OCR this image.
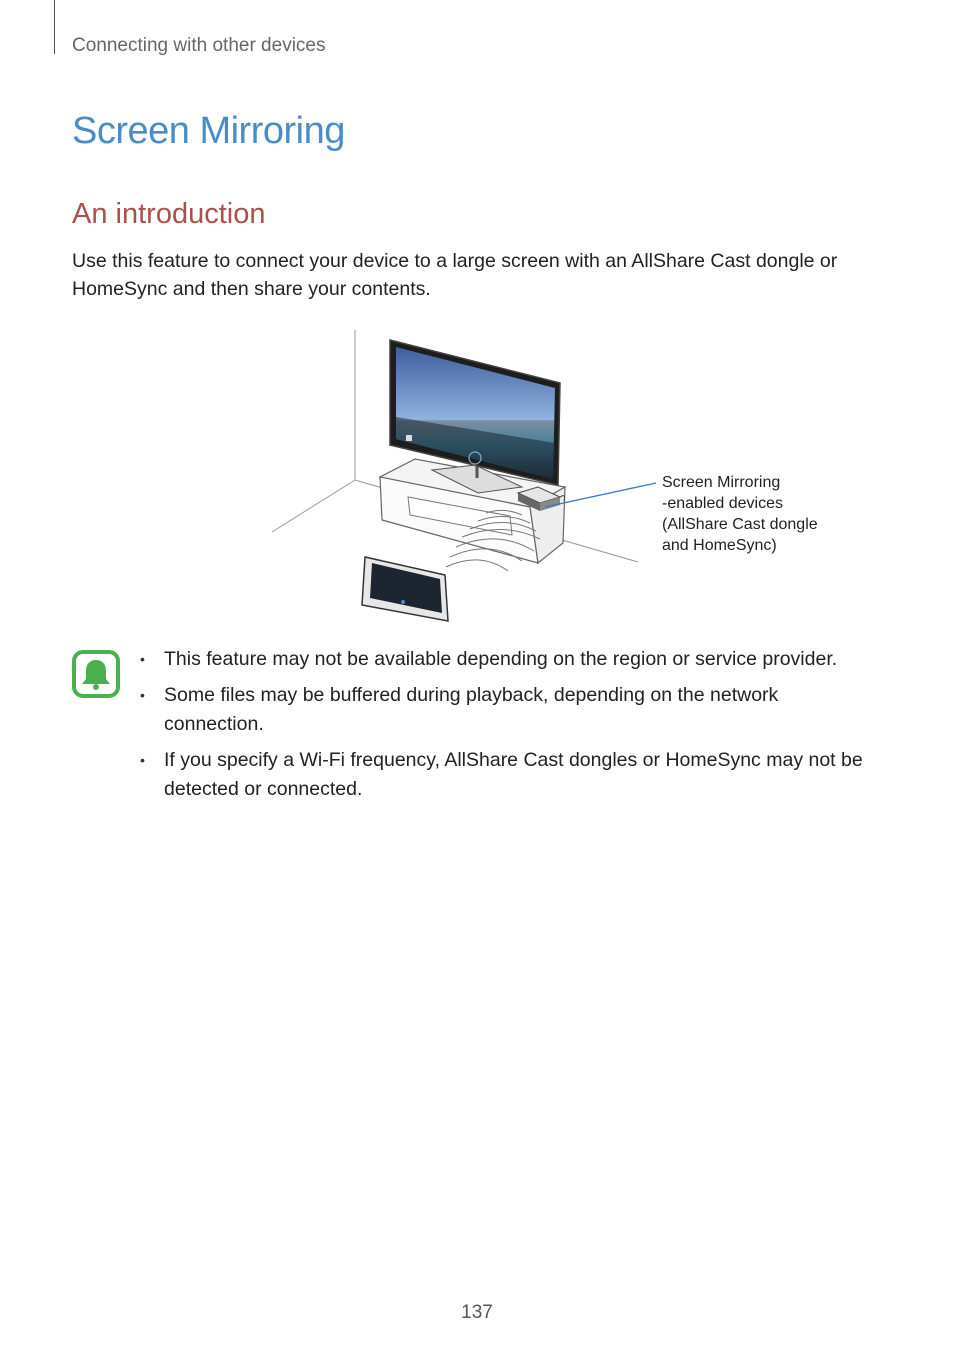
Connecting with other devices
Screen Mirroring
An introduction

Use this feature to connect your device to a large screen with an AllShare Cast dongle or HomeSync and then share your contents.

Screen Mirroring
-enabled devices
(AllShare Cast dongle
and HomeSync)
• This feature may not be available depending on the region or service provider.
• Some files may be buffered during playback, depending on the network connection.
• If you specify a Wi-Fi frequency, AllShare Cast dongles or HomeSync may not be detected or connected.
137
